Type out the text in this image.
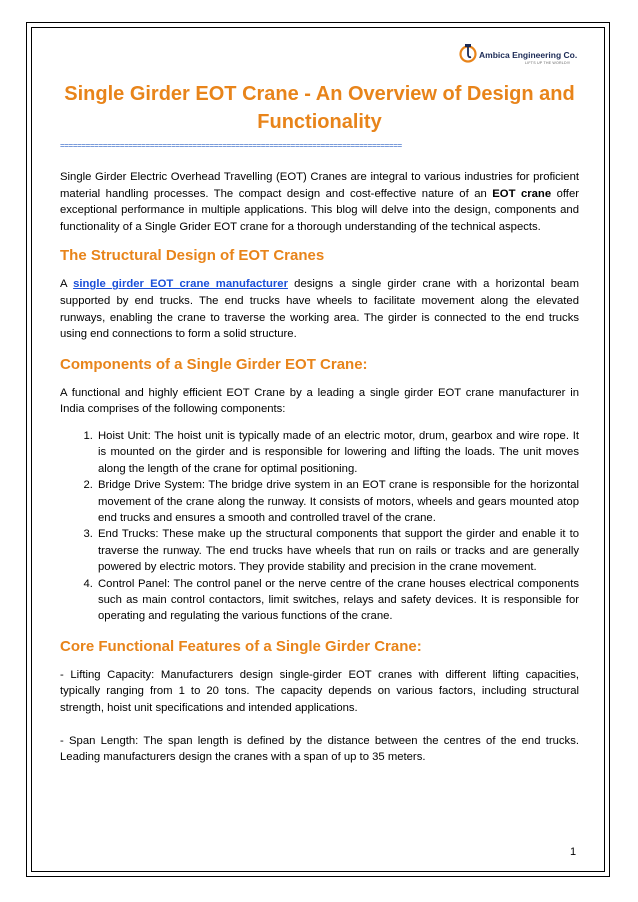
Ambica Engineering Co.
LIFTS UP THE WORLD!!!
Single Girder EOT Crane - An Overview of Design and Functionality
================================================================================

Single Girder Electric Overhead Travelling (EOT) Cranes are integral to various industries for proficient material handling processes. The compact design and cost-effective nature of an EOT crane offer exceptional performance in multiple applications. This blog will delve into the design, components and functionality of a Single Grider EOT crane for a thorough understanding of the technical aspects.

The Structural Design of EOT Cranes

A single girder EOT crane manufacturer designs a single girder crane with a horizontal beam supported by end trucks. The end trucks have wheels to facilitate movement along the elevated runways, enabling the crane to traverse the working area. The girder is connected to the end trucks using end connections to form a solid structure.

Components of a Single Girder EOT Crane:

A functional and highly efficient EOT Crane by a leading a single girder EOT crane manufacturer in India comprises of the following components:

1. Hoist Unit: The hoist unit is typically made of an electric motor, drum, gearbox and wire rope. It is mounted on the girder and is responsible for lowering and lifting the loads. The unit moves along the length of the crane for optimal positioning.
2. Bridge Drive System: The bridge drive system in an EOT crane is responsible for the horizontal movement of the crane along the runway. It consists of motors, wheels and gears mounted atop end trucks and ensures a smooth and controlled travel of the crane.
3. End Trucks: These make up the structural components that support the girder and enable it to traverse the runway. The end trucks have wheels that run on rails or tracks and are generally powered by electric motors. They provide stability and precision in the crane movement.
4. Control Panel: The control panel or the nerve centre of the crane houses electrical components such as main control contactors, limit switches, relays and safety devices. It is responsible for operating and regulating the various functions of the crane.
Core Functional Features of a Single Girder Crane:

- Lifting Capacity: Manufacturers design single-girder EOT cranes with different lifting capacities, typically ranging from 1 to 20 tons. The capacity depends on various factors, including structural strength, hoist unit specifications and intended applications.

- Span Length: The span length is defined by the distance between the centres of the end trucks. Leading manufacturers design the cranes with a span of up to 35 meters.

1
